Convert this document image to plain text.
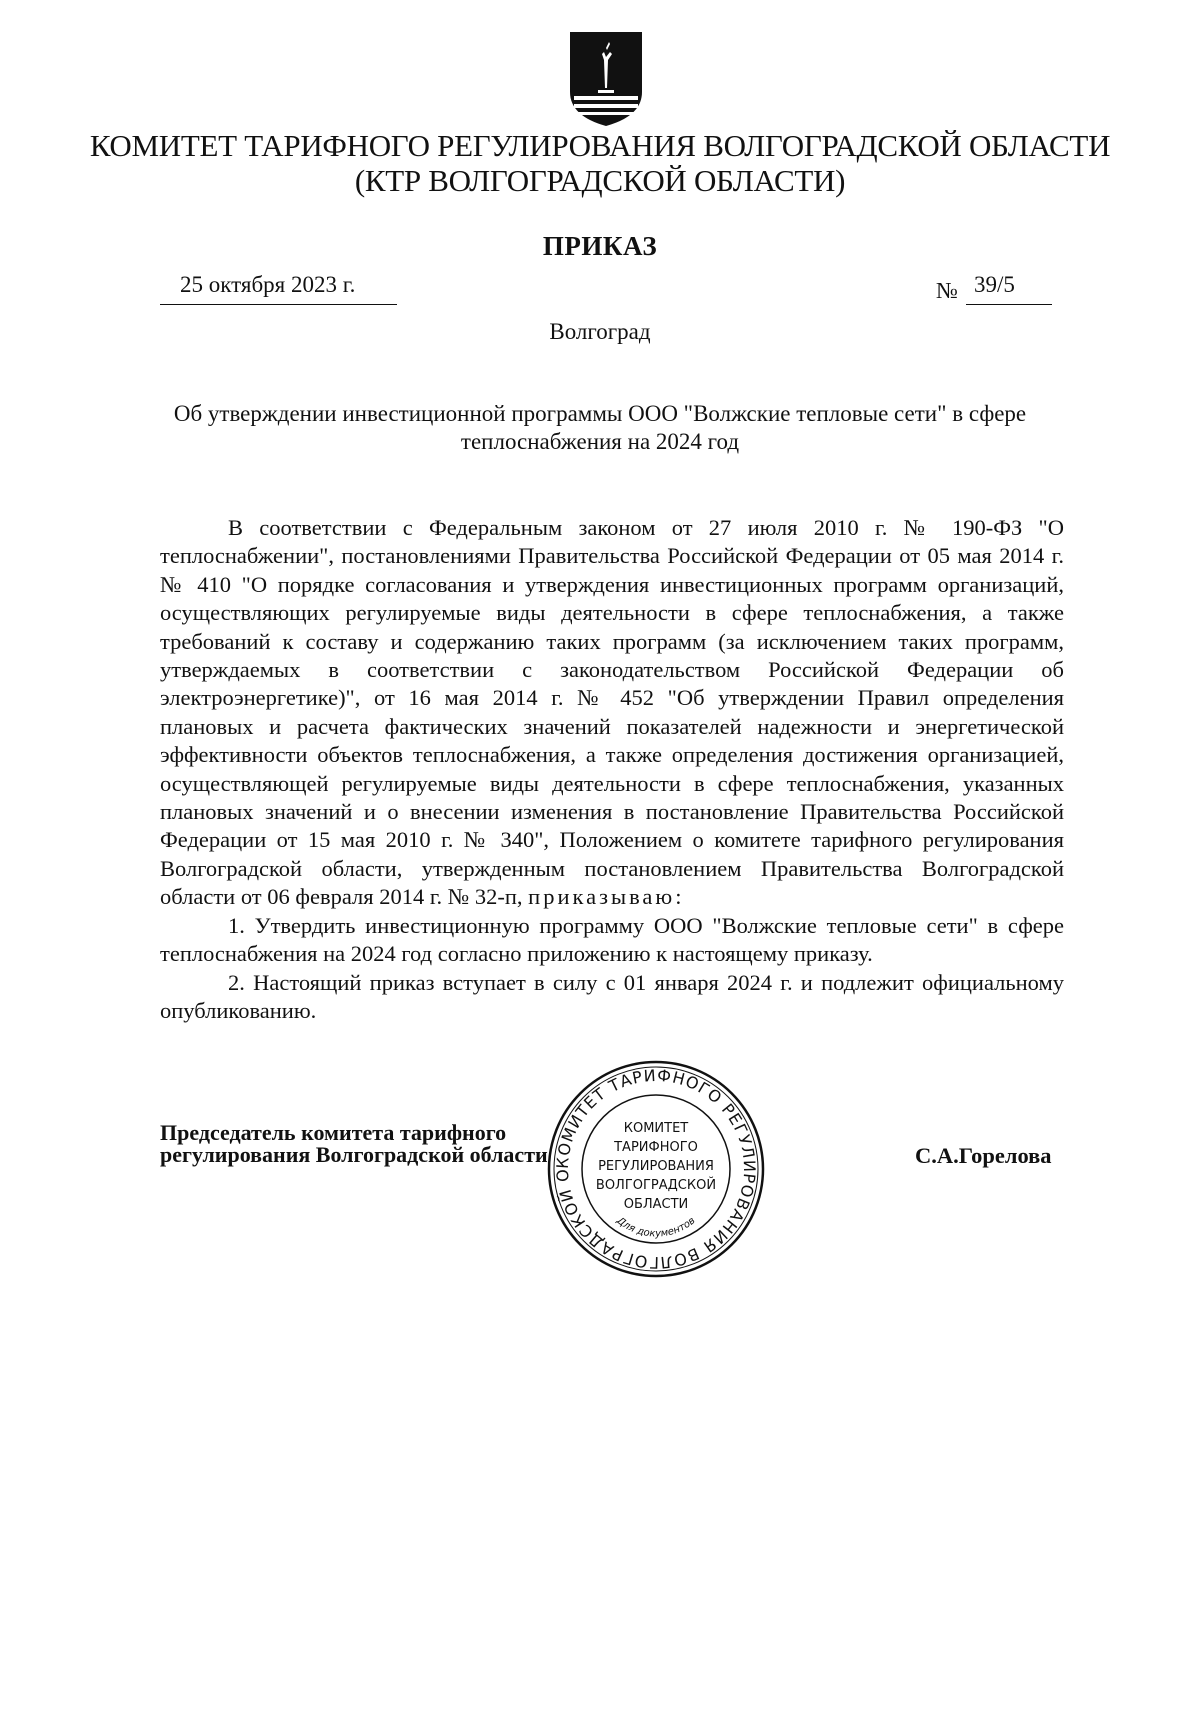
КОМИТЕТ ТАРИФНОГО РЕГУЛИРОВАНИЯ ВОЛГОГРАДСКОЙ ОБЛАСТИ
(КТР ВОЛГОГРАДСКОЙ ОБЛАСТИ)
ПРИКАЗ
25 октября 2023 г.	№ 39/5
Волгоград
Об утверждении инвестиционной программы ООО "Волжские тепловые сети" в сфере
теплоснабжения на 2024 год

В соответствии с Федеральным законом от 27 июля 2010 г. № 190-ФЗ "О теплоснабжении", постановлениями Правительства Российской Федерации от 05 мая 2014 г. № 410 "О порядке согласования и утверждения инвестиционных программ организаций, осуществляющих регулируемые виды деятельности в сфере теплоснабжения, а также требований к составу и содержанию таких программ (за исключением таких программ, утверждаемых в соответствии с законодательством Российской Федерации об электроэнергетике)", от 16 мая 2014 г. № 452 "Об утверждении Правил определения плановых и расчета фактических значений показателей надежности и энергетической эффективности объектов теплоснабжения, а также определения достижения организацией, осуществляющей регулируемые виды деятельности в сфере теплоснабжения, указанных плановых значений и о внесении изменения в постановление Правительства Российской Федерации от 15 мая 2010 г. № 340", Положением о комитете тарифного регулирования Волгоградской области, утвержденным постановлением Правительства Волгоградской области от 06 февраля 2014 г. № 32-п, приказываю:

1. Утвердить инвестиционную программу ООО "Волжские тепловые сети" в сфере теплоснабжения на 2024 год согласно приложению к настоящему приказу.

2. Настоящий приказ вступает в силу с 01 января 2024 г. и подлежит официальному опубликованию.

Председатель комитета тарифного
регулирования Волгоградской области	С.А.Горелова
КОМИТЕТ ТАРИФНОГО РЕГУЛИРОВАНИЯ ВОЛГОГРАДСКОЙ О
КОМИТЕТ
ТАРИФНОГО
РЕГУЛИРОВАНИЯ
ВОЛГОГРАДСКОЙ
ОБЛАСТИ
Для документов
